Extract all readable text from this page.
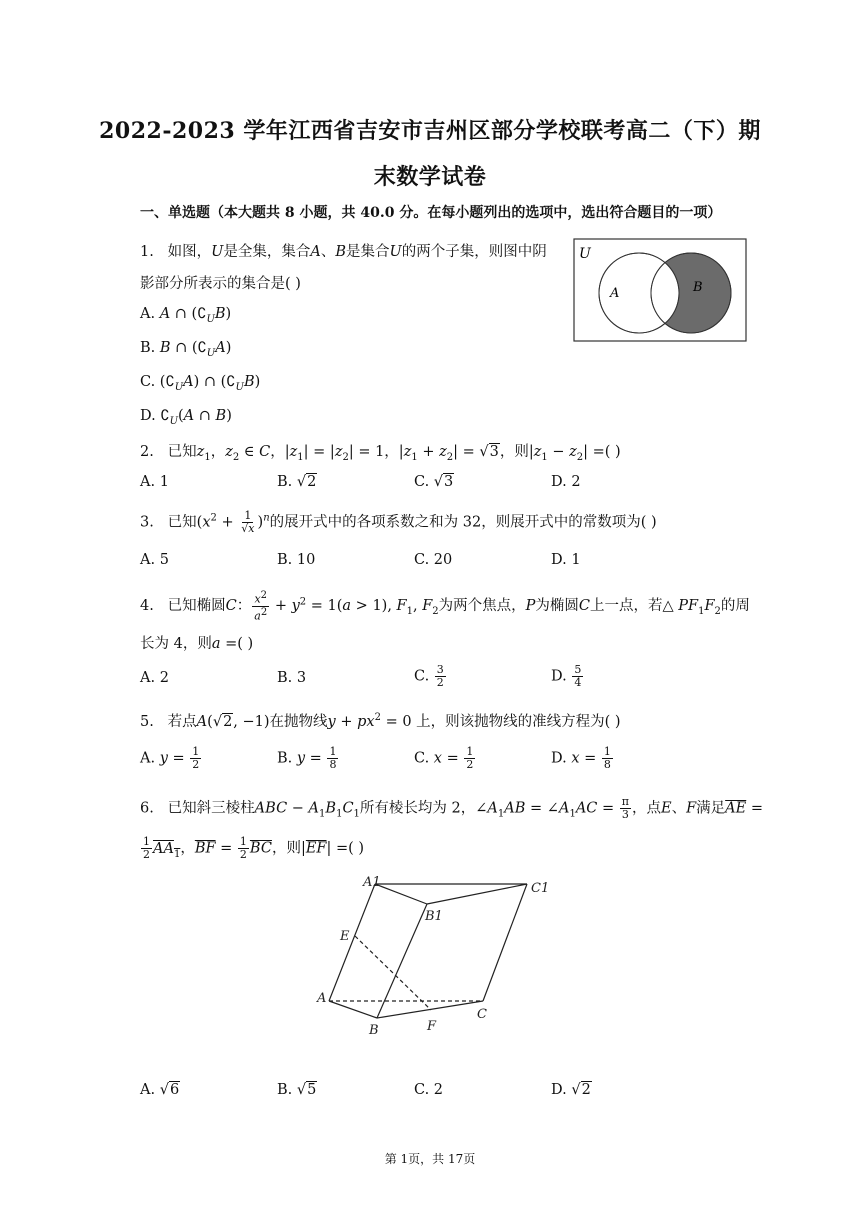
2022-2023 学年江西省吉安市吉州区部分学校联考高二（下）期
末数学试卷
一、单选题（本大题共 8 小题，共 40.0 分。在每小题列出的选项中，选出符合题目的一项）
1. 如图，U是全集，集合A、B是集合U的两个子集，则图中阴
影部分所表示的集合是( )
A. A ∩ $(∁_UB)$
B. B ∩ $(∁_UA)$
C. $(∁_UA)$ ∩ $(∁_UB)$
D. $∁_U(A$ ∩ B)
U
A	B
2. 已知$z_1$，$z_2$ ∈ C，$|z_1| = |z_2| = 1$，$|z_1 + z_2| = √3$，则$|z_1 - z_2|$ =( )
A. 1	B. √2	C. √3	D. 2
3. 已知$(x^2 + \frac{1}{√x} )^n$的展开式中的各项系数之和为 32，则展开式中的常数项为( )
A. 5	B. 10	C. 20	D. 1
4. 已知椭圆C： $\frac{x^2}{a^2} + y^2 = 1(a > 1)$, $F_1$, $F_2$为两个焦点，P为椭圆C上一点，若△ $PF_1F_2$的周
长为 4，则a =( )
A. 2	B. 3	C. $\frac{3}{2}$	D. $\frac{5}{4}$
5. 若点A(√2, −1)在抛物线$y + px^2 = 0$ 上，则该抛物线的准线方程为( )
A. $y = \frac{1}{2}$	B. $y = \frac{1}{8}$	C. $x = \frac{1}{2}$	D. $x = \frac{1}{8}$
6. 已知斜三棱柱ABC − $A_1B_1C_1$所有棱长均为 2，$\angle A_1AB$ = $\angle A_1AC = \frac{\pi}{3}$ ，点E、F满足$\overline{AE}$ =
$\frac{1}{2} AA_1$，$\overline{BF} = \frac{1}{2} \overline{BC}$，则$|\overline{EF}|$ =( )
A1	C1
B1
E
A
C
B	F
A. √6	B. √5	C. 2	D. √2
第 1页，共 17页
